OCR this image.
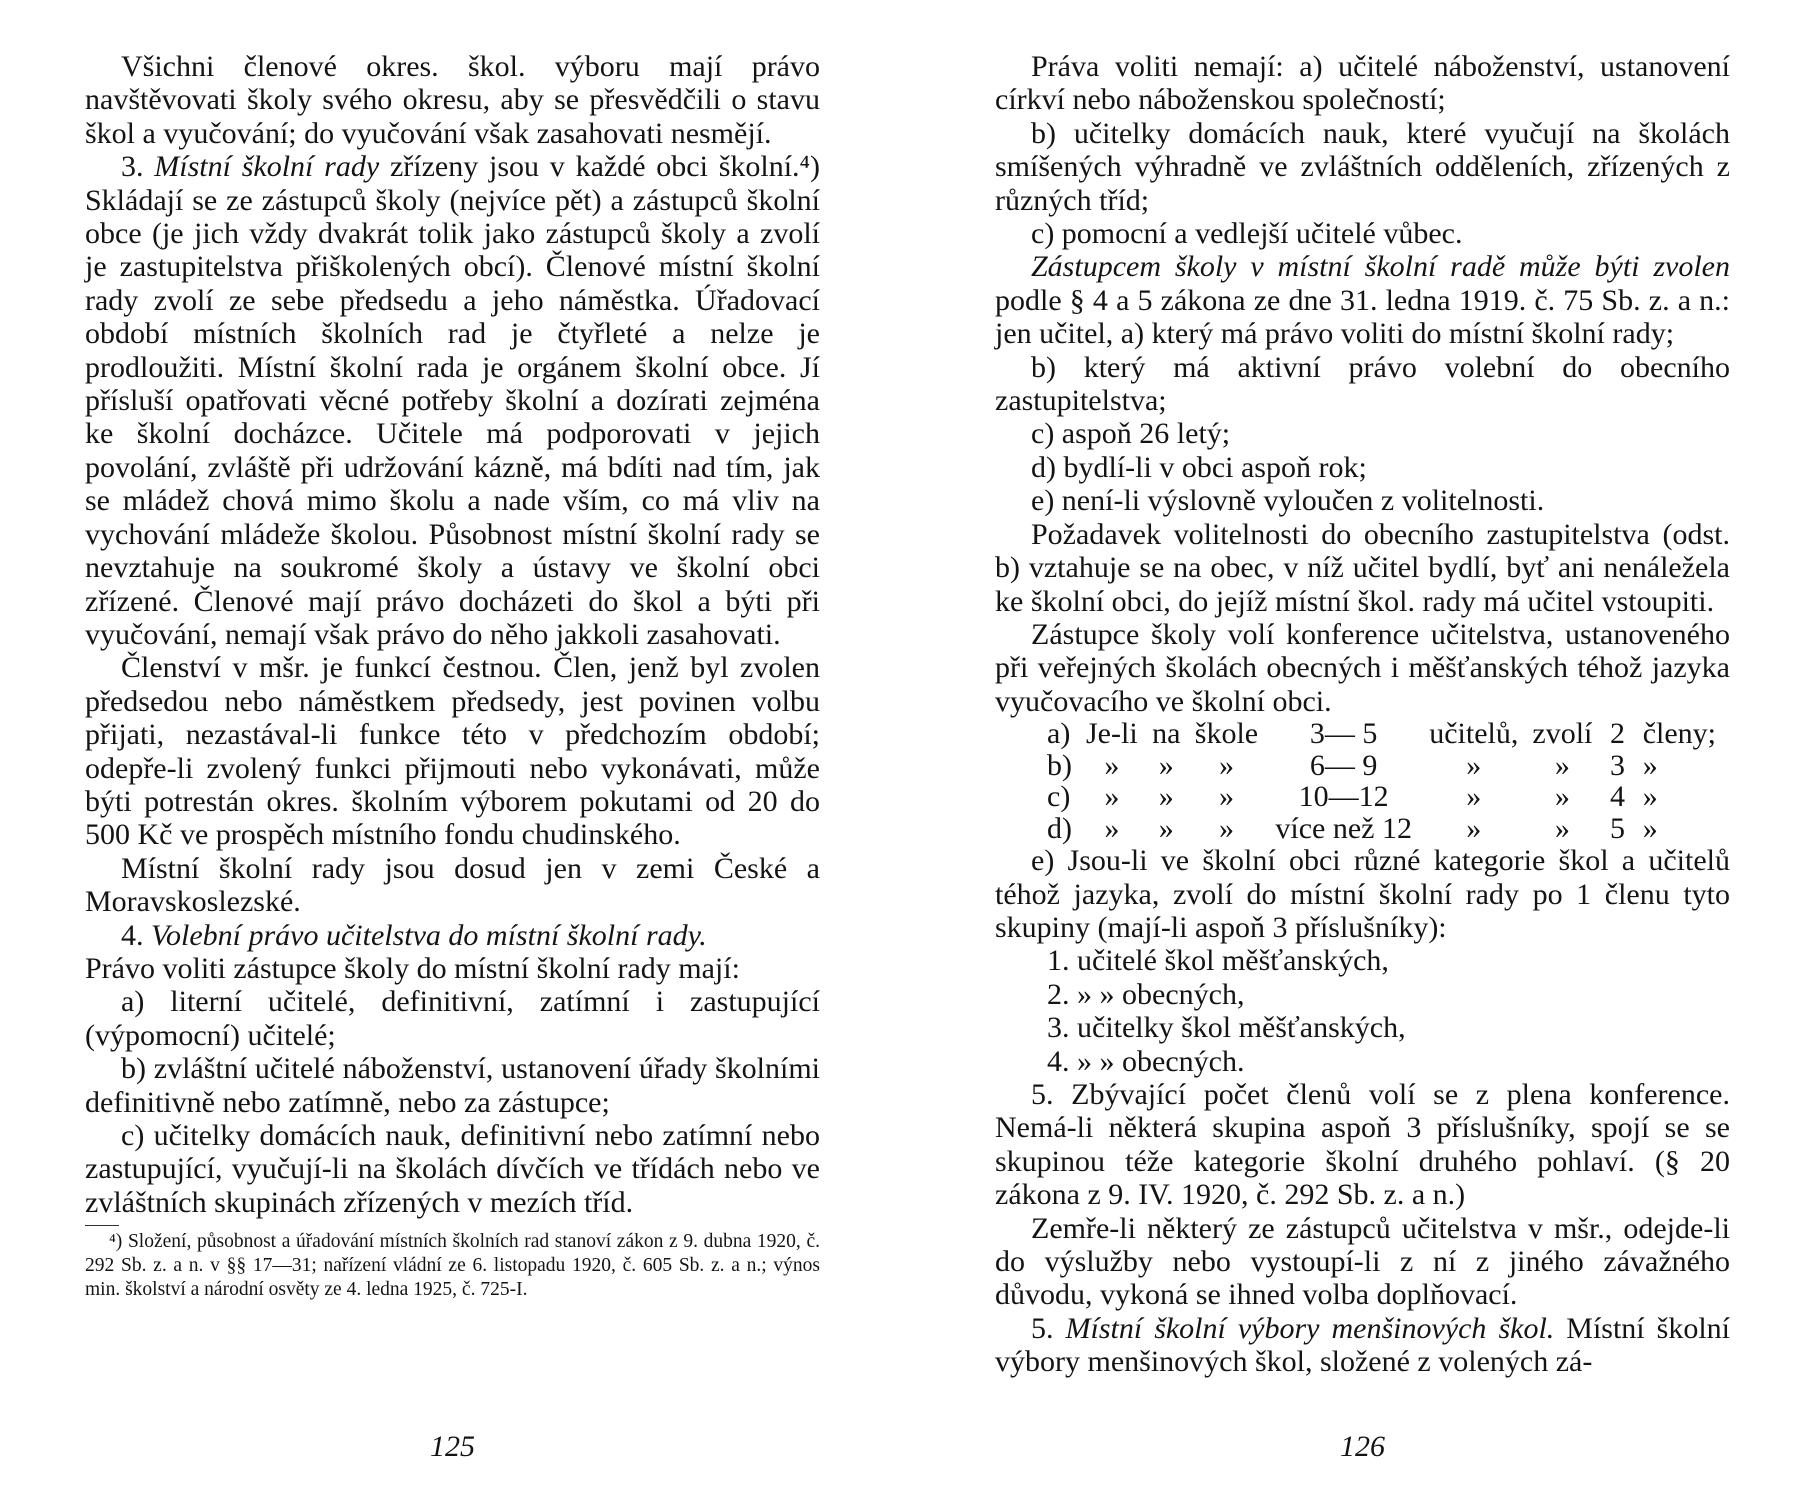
Všichni členové okres. škol. výboru mají právo navštěvovati školy svého okresu, aby se přesvědčili o stavu škol a vyučování; do vyučování však zasahovati nesmějí.

3. Místní školní rady zřízeny jsou v každé obci školní.⁴) Skládají se ze zástupců školy (nejvíce pět) a zástupců školní obce (je jich vždy dvakrát tolik jako zástupců školy a zvolí je zastupitelstva přiškolených obcí). Členové místní školní rady zvolí ze sebe předsedu a jeho náměstka. Úřadovací období místních školních rad je čtyřleté a nelze je prodloužiti. Místní školní rada je orgánem školní obce. Jí přísluší opatřovati věcné potřeby školní a dozírati zejména ke školní docházce. Učitele má podporovati v jejich povolání, zvláště při udržování kázně, má bdíti nad tím, jak se mládež chová mimo školu a nade vším, co má vliv na vychování mládeže školou. Působnost místní školní rady se nevztahuje na soukromé školy a ústavy ve školní obci zřízené. Členové mají právo docházeti do škol a býti při vyučování, nemají však právo do něho jakkoli zasahovati.

Členství v mšr. je funkcí čestnou. Člen, jenž byl zvolen předsedou nebo náměstkem předsedy, jest povinen volbu přijati, nezastával-li funkce této v předchozím období; odepře-li zvolený funkci přijmouti nebo vykonávati, může býti potrestán okres. školním výborem pokutami od 20 do 500 Kč ve prospěch místního fondu chudinského.

Místní školní rady jsou dosud jen v zemi České a Moravskoslezské.

4. Volební právo učitelstva do místní školní rady.

Právo voliti zástupce školy do místní školní rady mají:

a) literní učitelé, definitivní, zatímní i zastupující (výpomocní) učitelé;

b) zvláštní učitelé náboženství, ustanovení úřady školními definitivně nebo zatímně, nebo za zástupce;

c) učitelky domácích nauk, definitivní nebo zatímní nebo zastupující, vyučují-li na školách dívčích ve třídách nebo ve zvláštních skupinách zřízených v mezích tříd.

⁴) Složení, působnost a úřadování místních školních rad stanoví zákon z 9. dubna 1920, č. 292 Sb. z. a n. v §§ 17—31; nařízení vládní ze 6. listopadu 1920, č. 605 Sb. z. a n.; výnos min. školství a národní osvěty ze 4. ledna 1925, č. 725-I.

125

Práva voliti nemají: a) učitelé náboženství, ustanovení církví nebo náboženskou společností;

b) učitelky domácích nauk, které vyučují na školách smíšených výhradně ve zvláštních odděleních, zřízených z různých tříd;

c) pomocní a vedlejší učitelé vůbec.

Zástupcem školy v místní školní radě může býti zvolen podle § 4 a 5 zákona ze dne 31. ledna 1919. č. 75 Sb. z. a n.: jen učitel, a) který má právo voliti do místní školní rady;

b) který má aktivní právo volební do obecního zastupitelstva;

c) aspoň 26 letý;

d) bydlí-li v obci aspoň rok;

e) není-li výslovně vyloučen z volitelnosti.

Požadavek volitelnosti do obecního zastupitelstva (odst. b) vztahuje se na obec, v níž učitel bydlí, byť ani nenáležela ke školní obci, do jejíž místní škol. rady má učitel vstoupiti.

Zástupce školy volí konference učitelstva, ustanoveného při veřejných školách obecných i měšťanských téhož jazyka vyučovacího ve školní obci.

a)	Je-li	na	škole	3— 5	učitelů,	zvolí	2	členy;
b)	»	»	»	6— 9	»	»	3	»
c)	»	»	»	10—12	»	»	4	»
d)	»	»	»	více než 12	»	»	5	»

e) Jsou-li ve školní obci různé kategorie škol a učitelů téhož jazyka, zvolí do místní školní rady po 1 členu tyto skupiny (mají-li aspoň 3 příslušníky):

1. učitelé škol měšťanských,

2. » » obecných,

3. učitelky škol měšťanských,

4. » » obecných.

5. Zbývající počet členů volí se z plena konference. Nemá-li některá skupina aspoň 3 příslušníky, spojí se se skupinou téže kategorie školní druhého pohlaví. (§ 20 zákona z 9. IV. 1920, č. 292 Sb. z. a n.)

Zemře-li některý ze zástupců učitelstva v mšr., odejde-li do výslužby nebo vystoupí-li z ní z jiného závažného důvodu, vykoná se ihned volba doplňovací.

5. Místní školní výbory menšinových škol. Místní školní výbory menšinových škol, složené z volených zá-

126
